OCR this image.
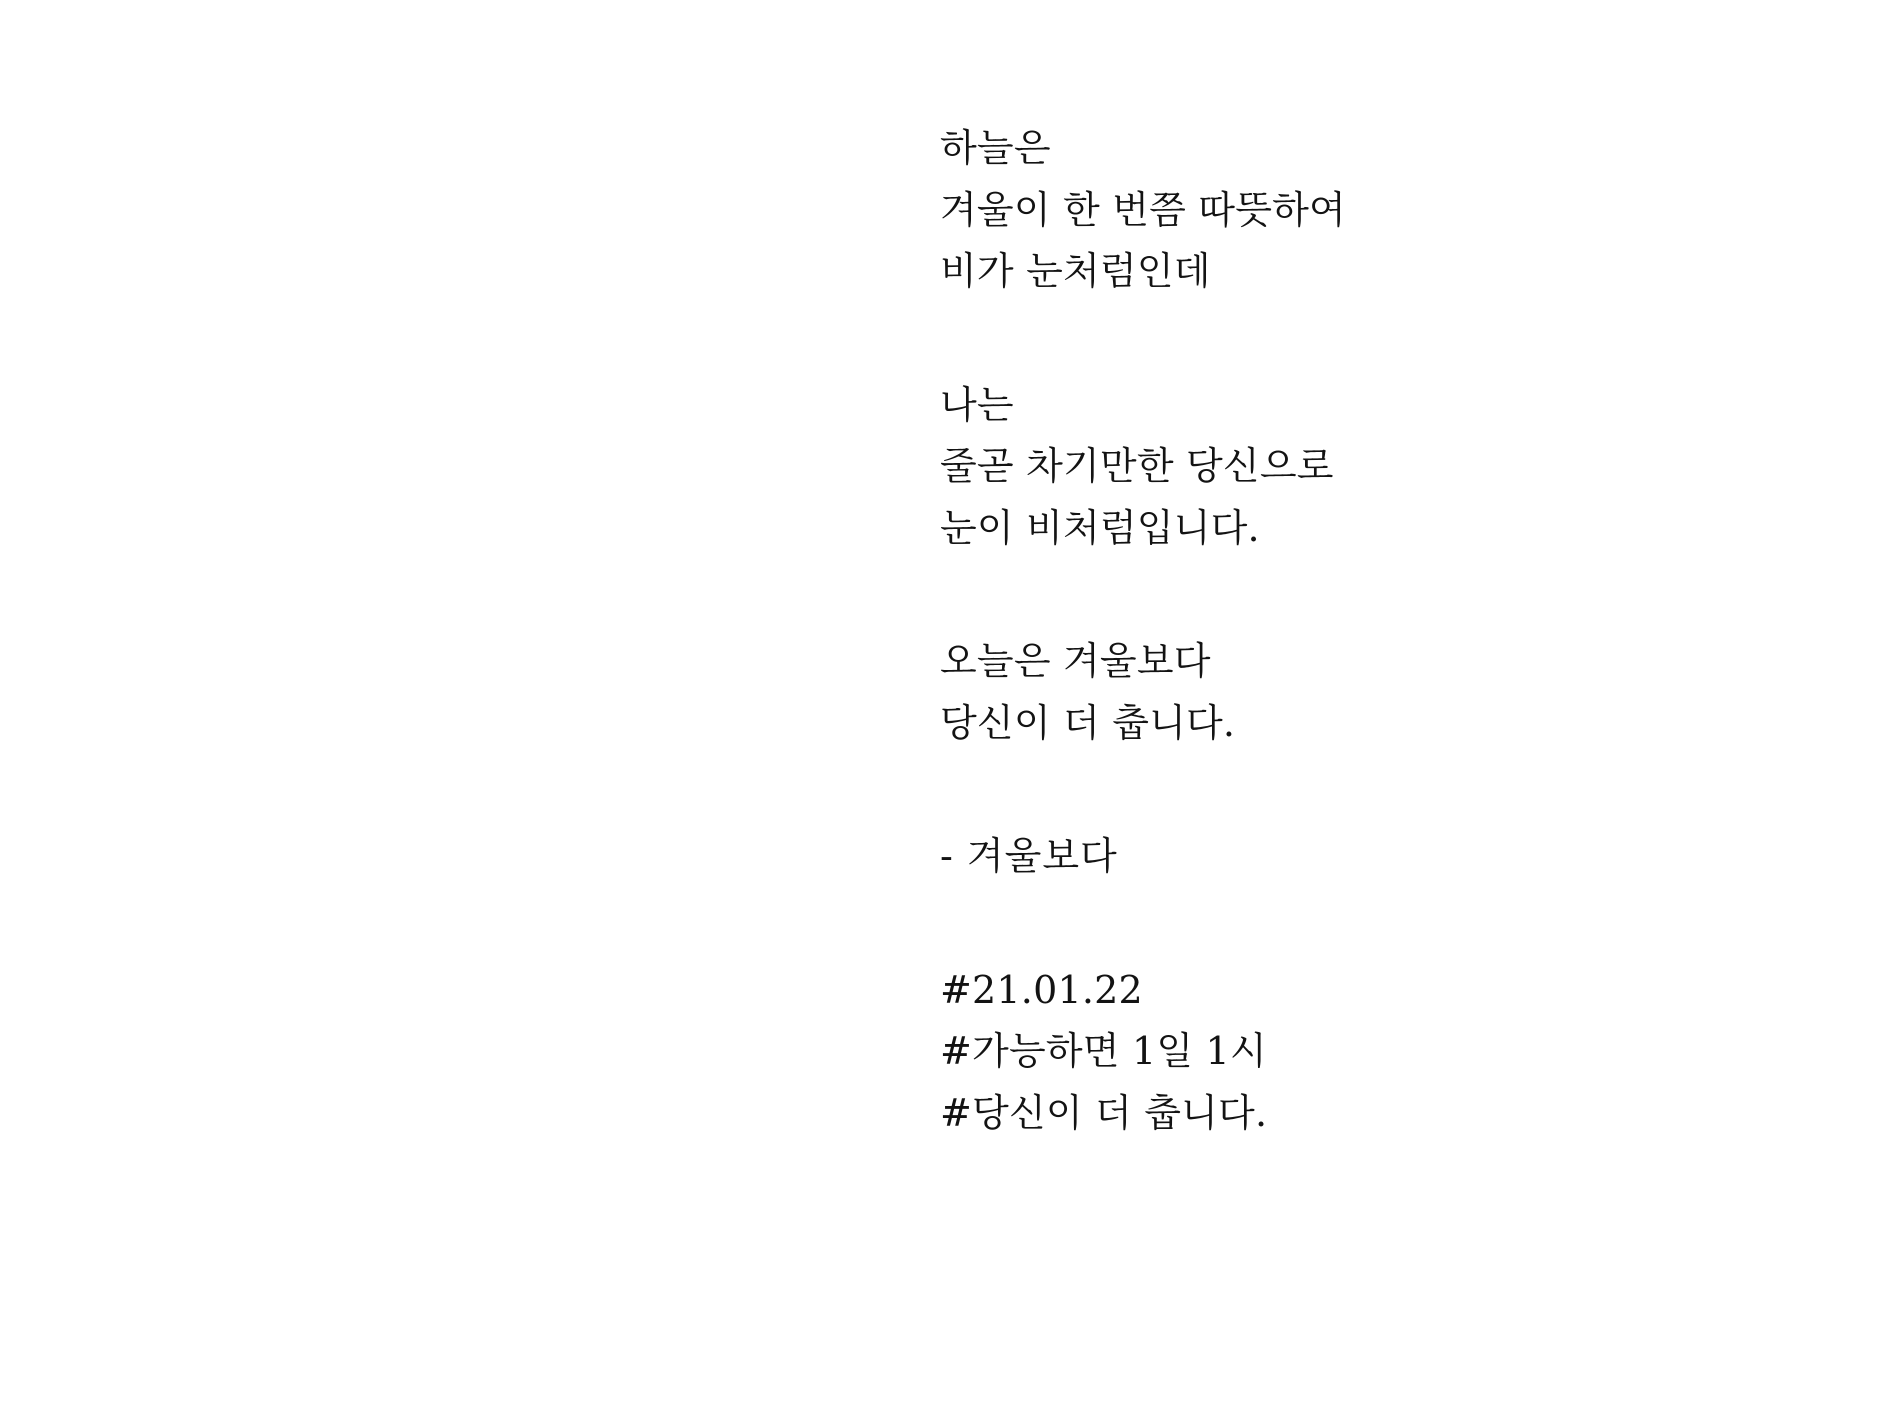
하늘은
겨울이 한 번쯤 따뜻하여
비가 눈처럼인데
나는
줄곧 차기만한 당신으로
눈이 비처럼입니다.
오늘은 겨울보다
당신이 더 춥니다.
- 겨울보다
#21.01.22
#가능하면 1일 1시
#당신이 더 춥니다.
